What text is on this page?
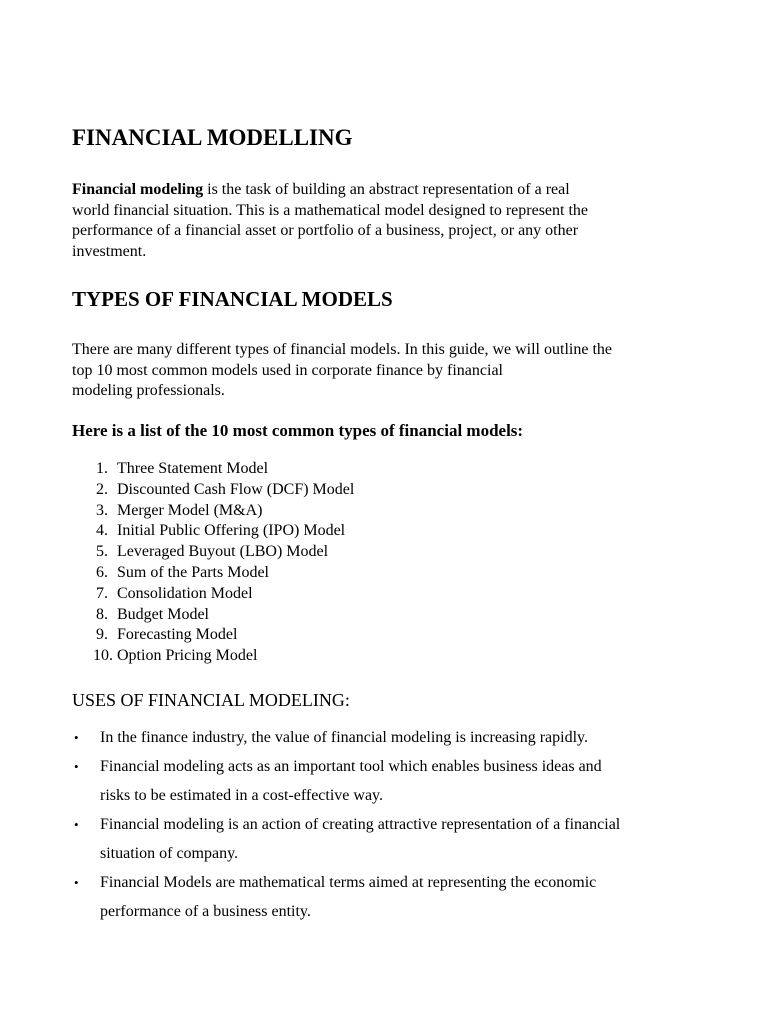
FINANCIAL MODELLING

Financial modeling is the task of building an abstract representation of a real
world financial situation. This is a mathematical model designed to represent the
performance of a financial asset or portfolio of a business, project, or any other
investment.

TYPES OF FINANCIAL MODELS

There are many different types of financial models. In this guide, we will outline the
top 10 most common models used in corporate finance by financial
modeling professionals.

Here is a list of the 10 most common types of financial models:
1. Three Statement Model
2. Discounted Cash Flow (DCF) Model
3. Merger Model (M&A)
4. Initial Public Offering (IPO) Model
5. Leveraged Buyout (LBO) Model
6. Sum of the Parts Model
7. Consolidation Model
8. Budget Model
9. Forecasting Model
10. Option Pricing Model
USES OF FINANCIAL MODELING:
• In the finance industry, the value of financial modeling is increasing rapidly.
• Financial modeling acts as an important tool which enables business ideas and
risks to be estimated in a cost-effective way.
• Financial modeling is an action of creating attractive representation of a financial
situation of company.
• Financial Models are mathematical terms aimed at representing the economic
performance of a business entity.
